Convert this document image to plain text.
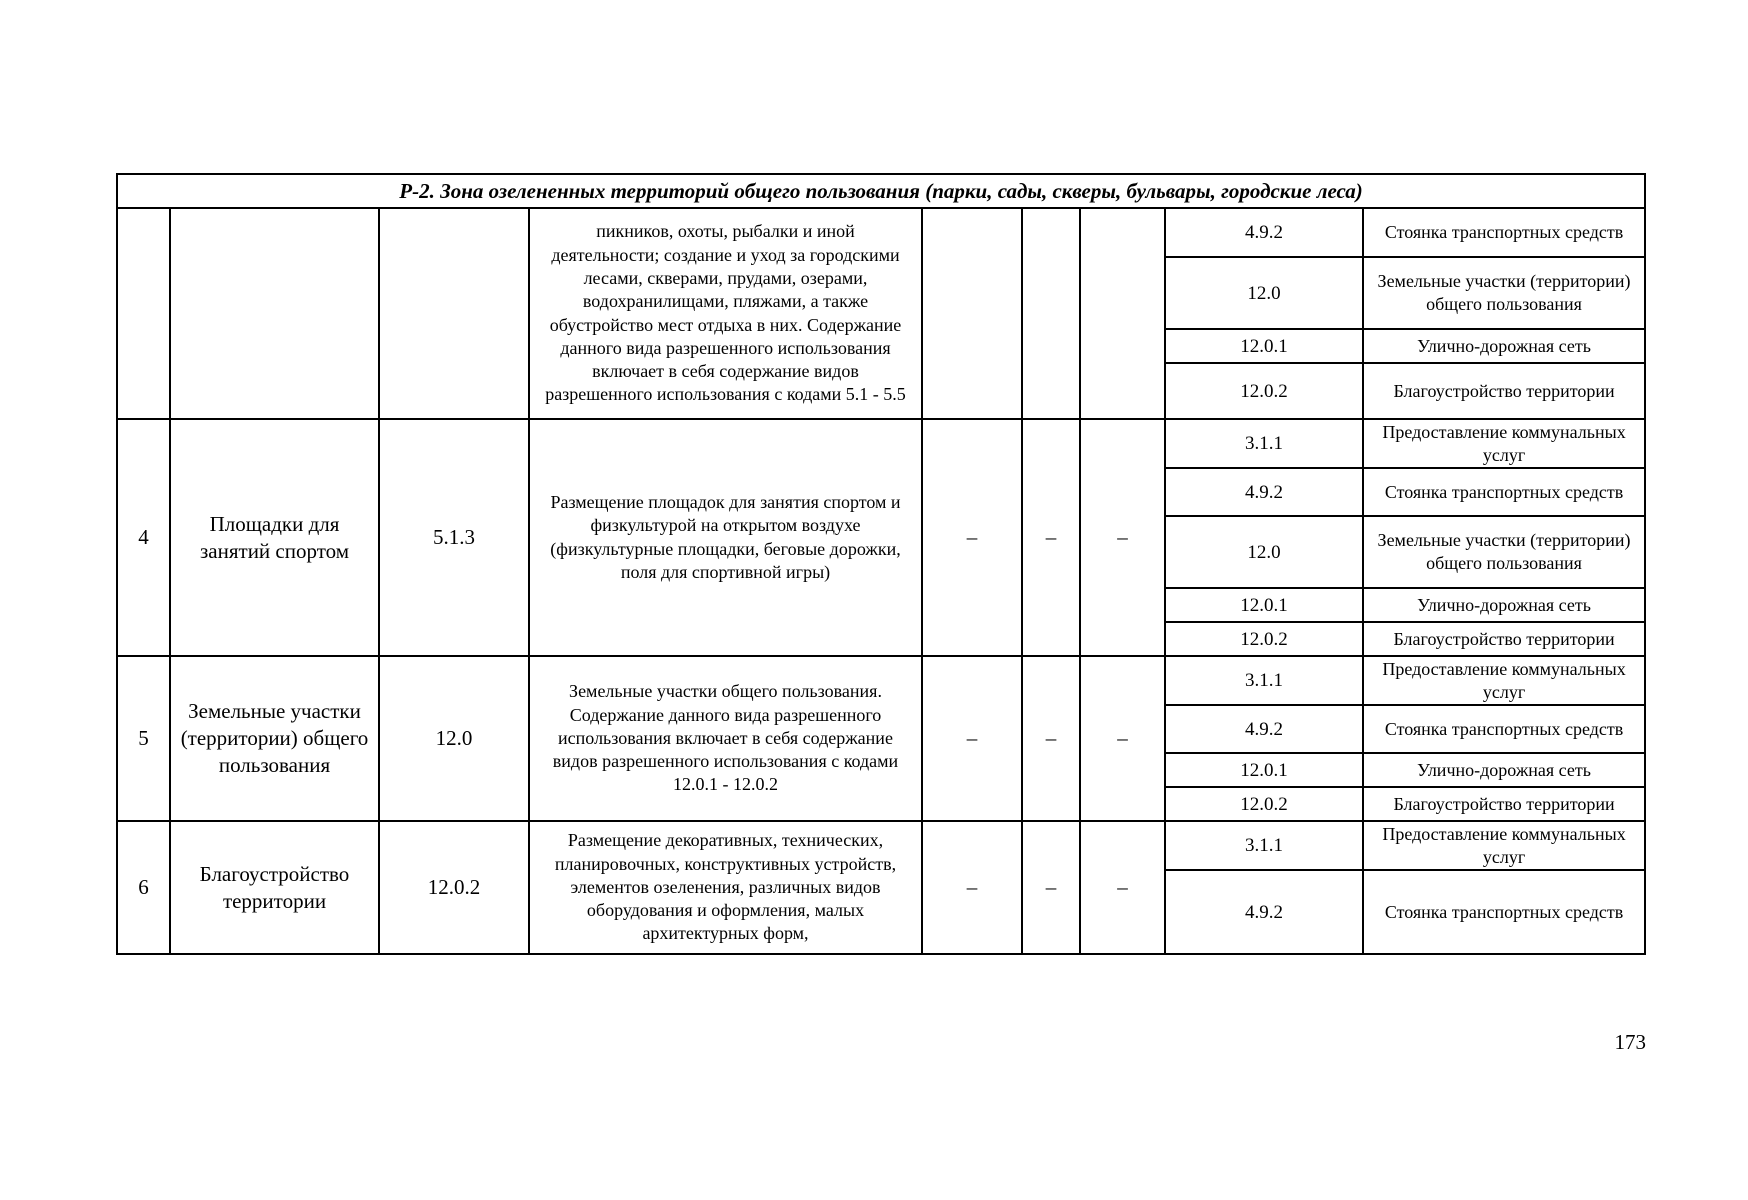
Р-2. Зона озелененных территорий общего пользования (парки, сады, скверы, бульвары, городские леса)								
			пикников, охоты, рыбалки и иной деятельности; создание и уход за городскими лесами, скверами, прудами, озерами, водохранилищами, пляжами, а также обустройство мест отдыха в них. Содержание данного вида разрешенного использования включает в себя содержание видов разрешенного использования с кодами 5.1 - 5.5				4.9.2	Стоянка транспортных средств
							12.0	Земельные участки (территории) общего пользования
							12.0.1	Улично-дорожная сеть
							12.0.2	Благоустройство территории
4	Площадки для занятий спортом	5.1.3	Размещение площадок для занятия спортом и физкультурой на открытом воздухе (физкультурные площадки, беговые дорожки, поля для спортивной игры)	–	–	–	3.1.1	Предоставление коммунальных услуг
							4.9.2	Стоянка транспортных средств
							12.0	Земельные участки (территории) общего пользования
							12.0.1	Улично-дорожная сеть
							12.0.2	Благоустройство территории
5	Земельные участки (территории) общего пользования	12.0	Земельные участки общего пользования. Содержание данного вида разрешенного использования включает в себя содержание видов разрешенного использования с кодами 12.0.1 - 12.0.2	–	–	–	3.1.1	Предоставление коммунальных услуг
							4.9.2	Стоянка транспортных средств
							12.0.1	Улично-дорожная сеть
							12.0.2	Благоустройство территории
6	Благоустройство территории	12.0.2	Размещение декоративных, технических, планировочных, конструктивных устройств, элементов озеленения, различных видов оборудования и оформления, малых архитектурных форм,	–	–	–	3.1.1	Предоставление коммунальных услуг
							4.9.2	Стоянка транспортных средств
173
